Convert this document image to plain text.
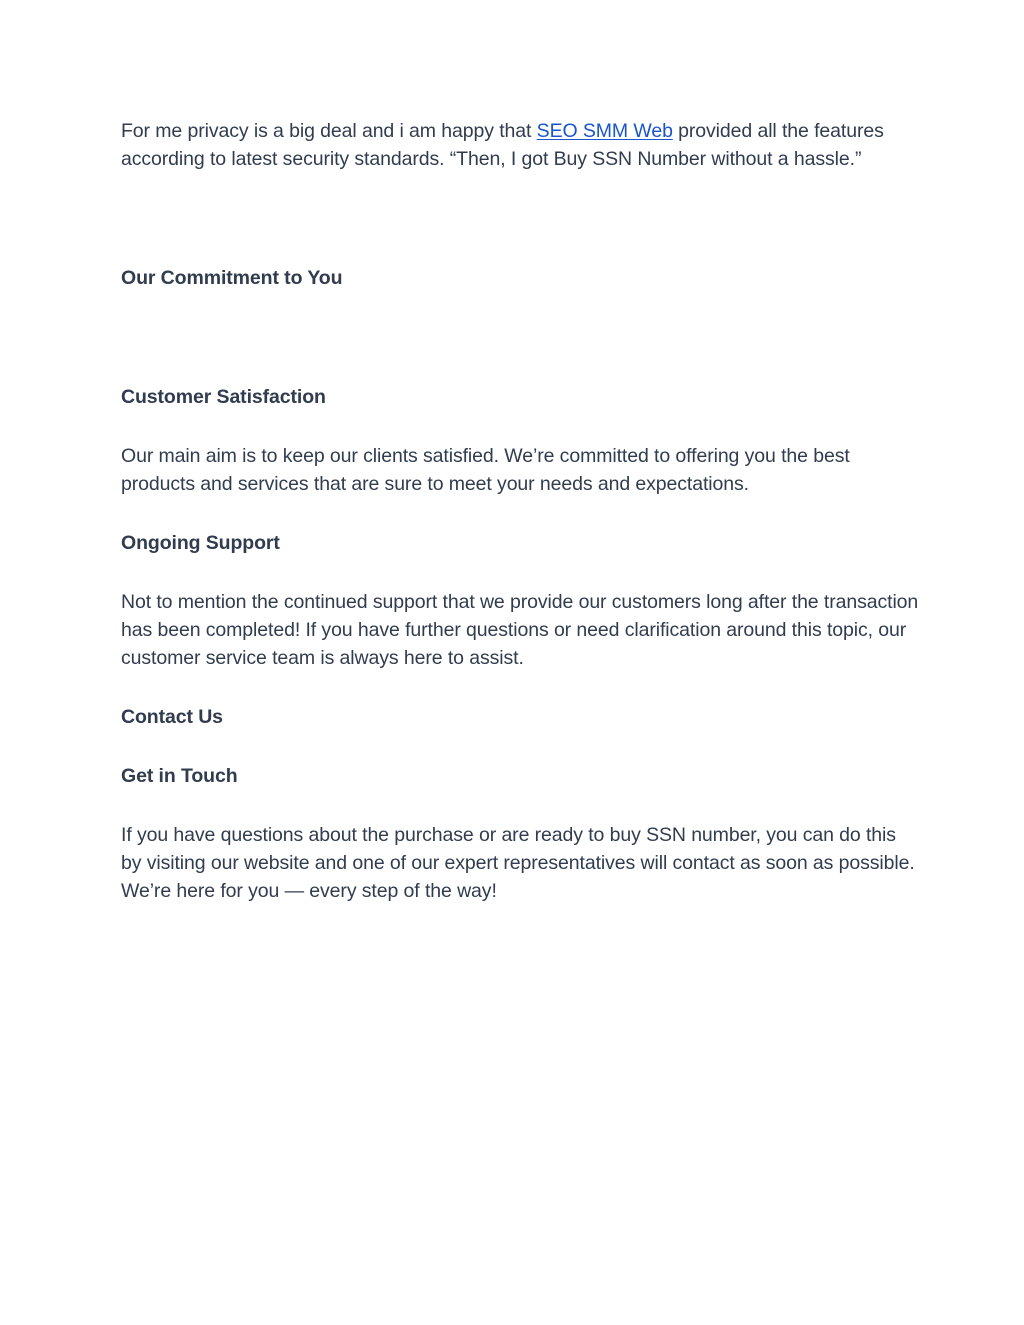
For me privacy is a big deal and i am happy that SEO SMM Web provided all the features according to latest security standards. “Then, I got Buy SSN Number without a hassle.”

Our Commitment to You
Customer Satisfaction

Our main aim is to keep our clients satisfied. We’re committed to offering you the best products and services that are sure to meet your needs and expectations.

Ongoing Support

Not to mention the continued support that we provide our customers long after the transaction has been completed! If you have further questions or need clarification around this topic, our customer service team is always here to assist.

Contact Us
Get in Touch

If you have questions about the purchase or are ready to buy SSN number, you can do this by visiting our website and one of our expert representatives will contact as soon as possible. We’re here for you — every step of the way!
